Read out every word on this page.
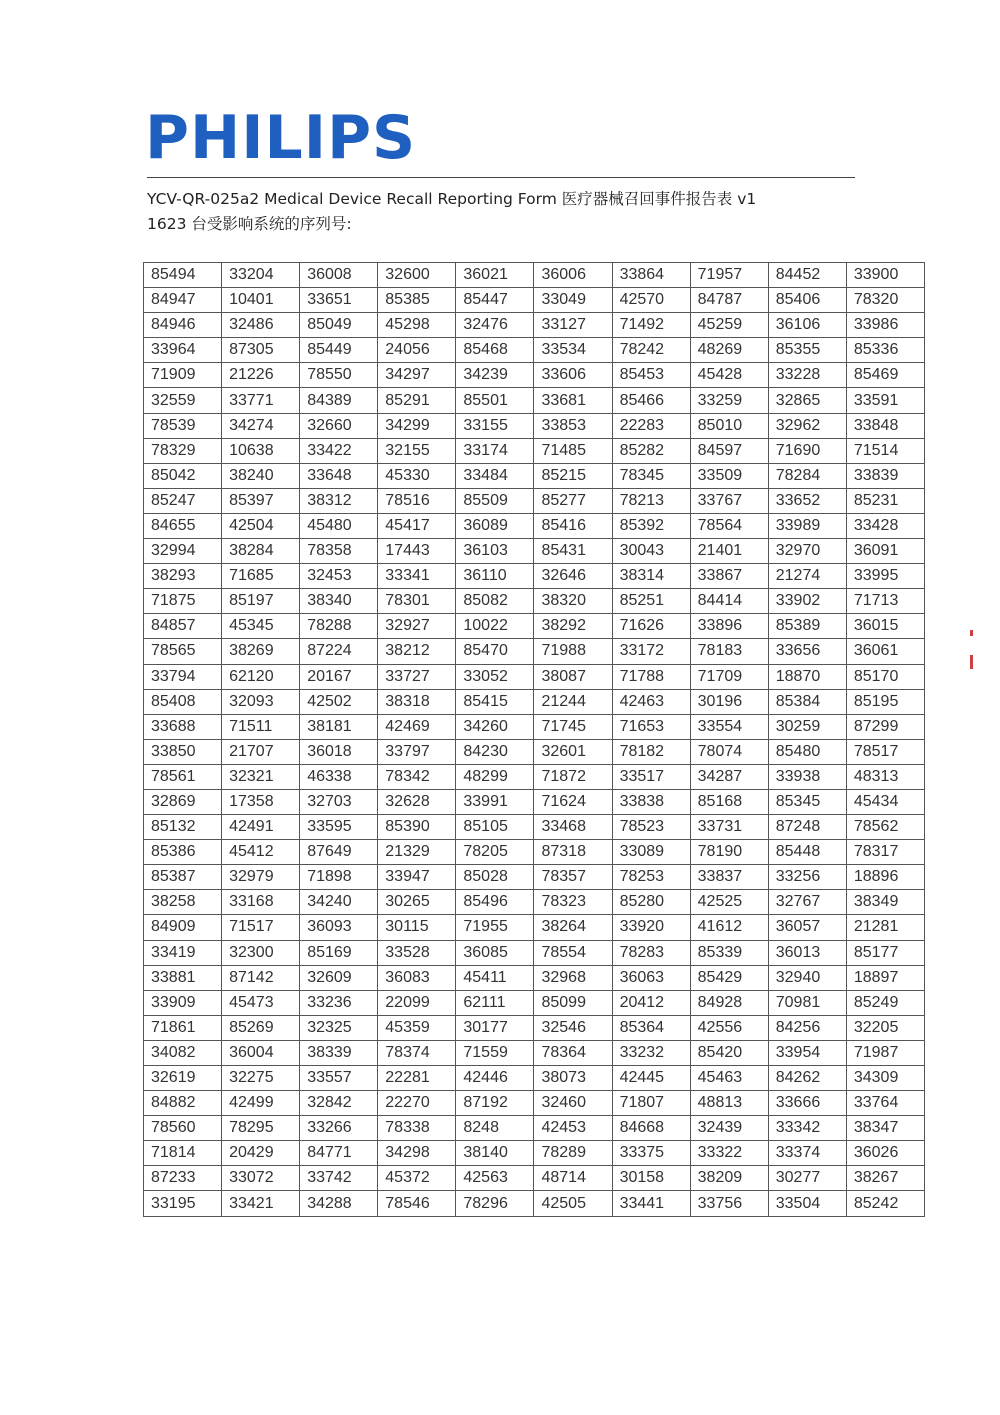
PHILIPS
YCV-QR-025a2 Medical Device Recall Reporting Form 医疗器械召回事件报告表 v1
1623 台受影响系统的序列号:
85494	33204	36008	32600	36021	36006	33864	71957	84452	33900
84947	10401	33651	85385	85447	33049	42570	84787	85406	78320
84946	32486	85049	45298	32476	33127	71492	45259	36106	33986
33964	87305	85449	24056	85468	33534	78242	48269	85355	85336
71909	21226	78550	34297	34239	33606	85453	45428	33228	85469
32559	33771	84389	85291	85501	33681	85466	33259	32865	33591
78539	34274	32660	34299	33155	33853	22283	85010	32962	33848
78329	10638	33422	32155	33174	71485	85282	84597	71690	71514
85042	38240	33648	45330	33484	85215	78345	33509	78284	33839
85247	85397	38312	78516	85509	85277	78213	33767	33652	85231
84655	42504	45480	45417	36089	85416	85392	78564	33989	33428
32994	38284	78358	17443	36103	85431	30043	21401	32970	36091
38293	71685	32453	33341	36110	32646	38314	33867	21274	33995
71875	85197	38340	78301	85082	38320	85251	84414	33902	71713
84857	45345	78288	32927	10022	38292	71626	33896	85389	36015
78565	38269	87224	38212	85470	71988	33172	78183	33656	36061
33794	62120	20167	33727	33052	38087	71788	71709	18870	85170
85408	32093	42502	38318	85415	21244	42463	30196	85384	85195
33688	71511	38181	42469	34260	71745	71653	33554	30259	87299
33850	21707	36018	33797	84230	32601	78182	78074	85480	78517
78561	32321	46338	78342	48299	71872	33517	34287	33938	48313
32869	17358	32703	32628	33991	71624	33838	85168	85345	45434
85132	42491	33595	85390	85105	33468	78523	33731	87248	78562
85386	45412	87649	21329	78205	87318	33089	78190	85448	78317
85387	32979	71898	33947	85028	78357	78253	33837	33256	18896
38258	33168	34240	30265	85496	78323	85280	42525	32767	38349
84909	71517	36093	30115	71955	38264	33920	41612	36057	21281
33419	32300	85169	33528	36085	78554	78283	85339	36013	85177
33881	87142	32609	36083	45411	32968	36063	85429	32940	18897
33909	45473	33236	22099	62111	85099	20412	84928	70981	85249
71861	85269	32325	45359	30177	32546	85364	42556	84256	32205
34082	36004	38339	78374	71559	78364	33232	85420	33954	71987
32619	32275	33557	22281	42446	38073	42445	45463	84262	34309
84882	42499	32842	22270	87192	32460	71807	48813	33666	33764
78560	78295	33266	78338	8248	42453	84668	32439	33342	38347
71814	20429	84771	34298	38140	78289	33375	33322	33374	36026
87233	33072	33742	45372	42563	48714	30158	38209	30277	38267
33195	33421	34288	78546	78296	42505	33441	33756	33504	85242
